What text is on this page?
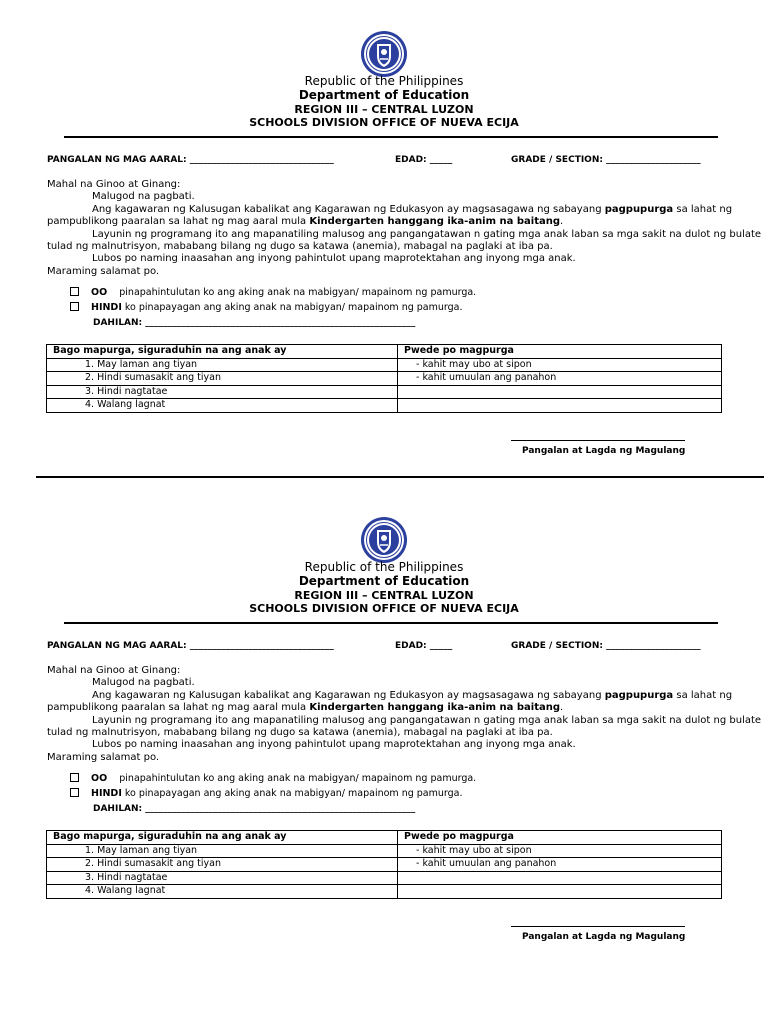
Republic of the Philippines
Department of Education
REGION III – CENTRAL LUZON
SCHOOLS DIVISION OFFICE OF NUEVA ECIJA
PANGALAN NG MAG AARAL: ________________________________	EDAD: _____	GRADE / SECTION: _____________________
Mahal na Ginoo at Ginang:
Malugod na pagbati.
Ang kagawaran ng Kalusugan kabalikat ang Kagarawan ng Edukasyon ay magsasagawa ng sabayang pagpupurga sa lahat ng
pampublikong paaralan sa lahat ng mag aaral mula Kindergarten hanggang ika-anim na baitang.
Layunin ng programang ito ang mapanatiling malusog ang pangangatawan n gating mga anak laban sa mga sakit na dulot ng bulate
tulad ng malnutrisyon, mababang bilang ng dugo sa katawa (anemia), mabagal na paglaki at iba pa.
Lubos po naming inaasahan ang inyong pahintulot upang maprotektahan ang inyong mga anak.
Maraming salamat po.
OO pinapahintulutan ko ang aking anak na mabigyan/ mapainom ng pamurga.
HINDI ko pinapayagan ang aking anak na mabigyan/ mapainom ng pamurga.
DAHILAN: ____________________________________________________________
Bago mapurga, siguraduhin na ang anak ay	Pwede po magpurga
1. May laman ang tiyan	- kahit may ubo at sipon
2. Hindi sumasakit ang tiyan	- kahit umuulan ang panahon
3. Hindi nagtatae	
4. Walang lagnat	
Pangalan at Lagda ng Magulang
Republic of the Philippines
Department of Education
REGION III – CENTRAL LUZON
SCHOOLS DIVISION OFFICE OF NUEVA ECIJA
PANGALAN NG MAG AARAL: ________________________________	EDAD: _____	GRADE / SECTION: _____________________
Mahal na Ginoo at Ginang:
Malugod na pagbati.
Ang kagawaran ng Kalusugan kabalikat ang Kagarawan ng Edukasyon ay magsasagawa ng sabayang pagpupurga sa lahat ng
pampublikong paaralan sa lahat ng mag aaral mula Kindergarten hanggang ika-anim na baitang.
Layunin ng programang ito ang mapanatiling malusog ang pangangatawan n gating mga anak laban sa mga sakit na dulot ng bulate
tulad ng malnutrisyon, mababang bilang ng dugo sa katawa (anemia), mabagal na paglaki at iba pa.
Lubos po naming inaasahan ang inyong pahintulot upang maprotektahan ang inyong mga anak.
Maraming salamat po.
OO pinapahintulutan ko ang aking anak na mabigyan/ mapainom ng pamurga.
HINDI ko pinapayagan ang aking anak na mabigyan/ mapainom ng pamurga.
DAHILAN: ____________________________________________________________
Bago mapurga, siguraduhin na ang anak ay	Pwede po magpurga
1. May laman ang tiyan	- kahit may ubo at sipon
2. Hindi sumasakit ang tiyan	- kahit umuulan ang panahon
3. Hindi nagtatae	
4. Walang lagnat	
Pangalan at Lagda ng Magulang
